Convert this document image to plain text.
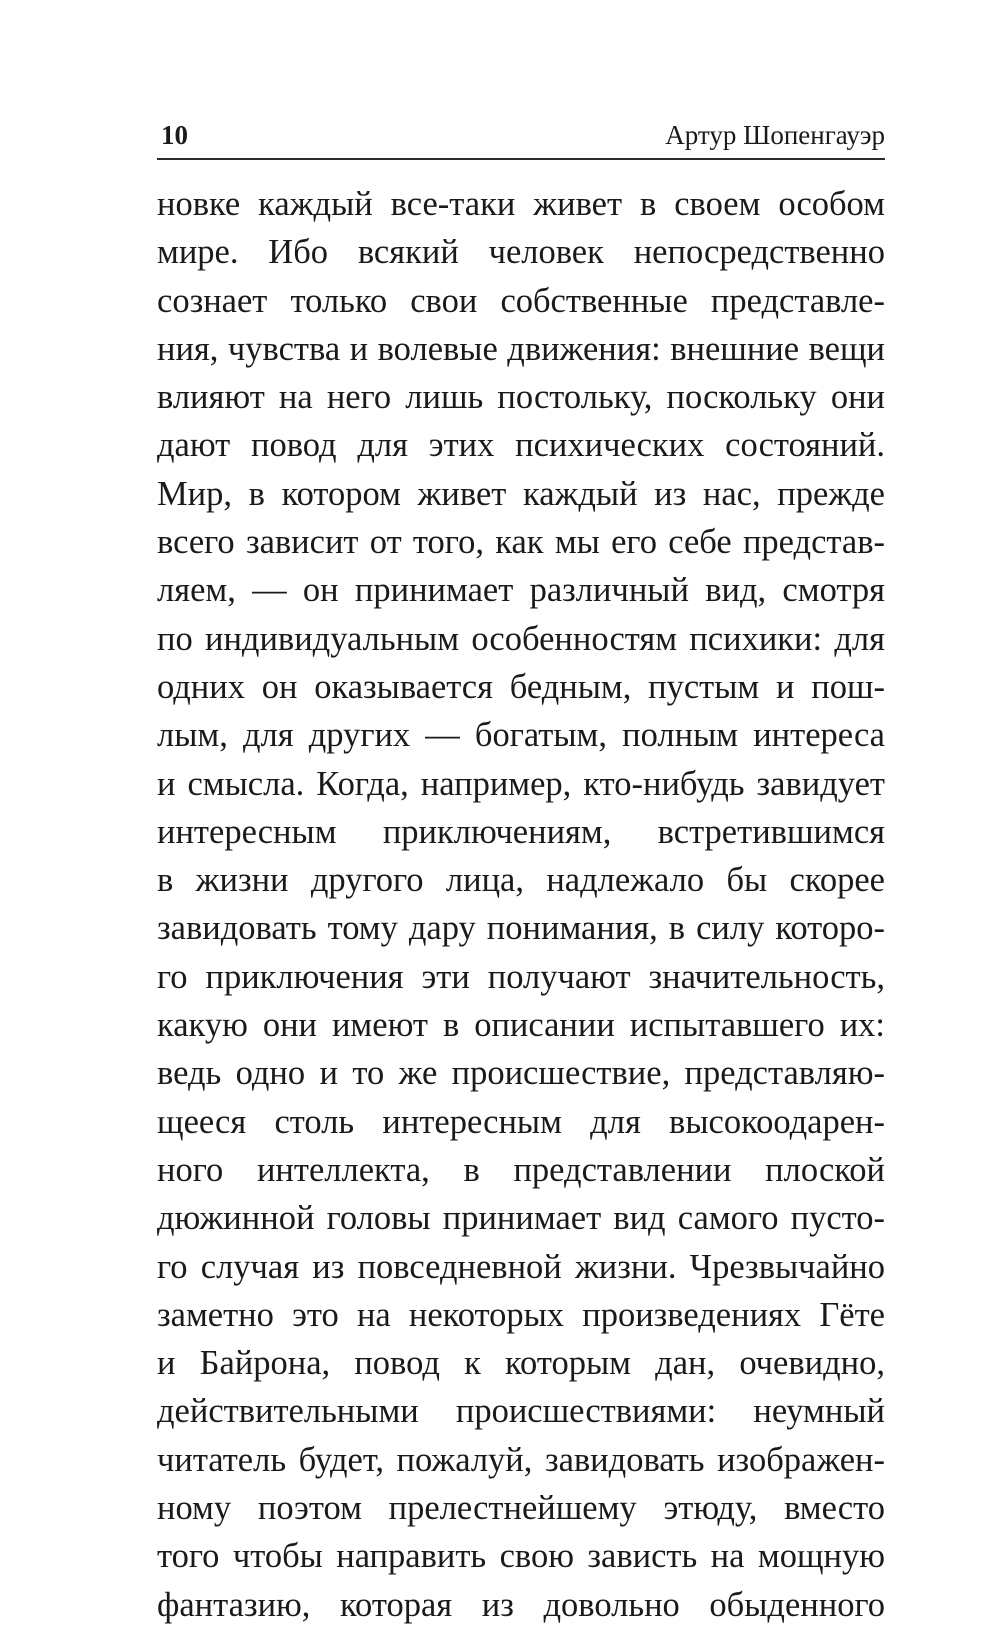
10	Артур Шопенгауэр
новке каждый все-таки живет в своем особом
мире. Ибо всякий человек непосредственно
сознает только свои собственные представле-
ния, чувства и волевые движения: внешние вещи
влияют на него лишь постольку, поскольку они
дают повод для этих психических состояний.
Мир, в котором живет каждый из нас, прежде
всего зависит от того, как мы его себе представ-
ляем, — он принимает различный вид, смотря
по индивидуальным особенностям психики: для
одних он оказывается бедным, пустым и пош-
лым, для других — богатым, полным интереса
и смысла. Когда, например, кто-нибудь завидует
интересным приключениям, встретившимся
в жизни другого лица, надлежало бы скорее
завидовать тому дару понимания, в силу которо-
го приключения эти получают значительность,
какую они имеют в описании испытавшего их:
ведь одно и то же происшествие, представляю-
щееся столь интересным для высокоодарен-
ного интеллекта, в представлении плоской
дюжинной головы принимает вид самого пусто-
го случая из повседневной жизни. Чрезвычайно
заметно это на некоторых произведениях Гёте
и Байрона, повод к которым дан, очевидно,
действительными происшествиями: неумный
читатель будет, пожалуй, завидовать изображен-
ному поэтом прелестнейшему этюду, вместо
того чтобы направить свою зависть на мощную
фантазию, которая из довольно обыденного
